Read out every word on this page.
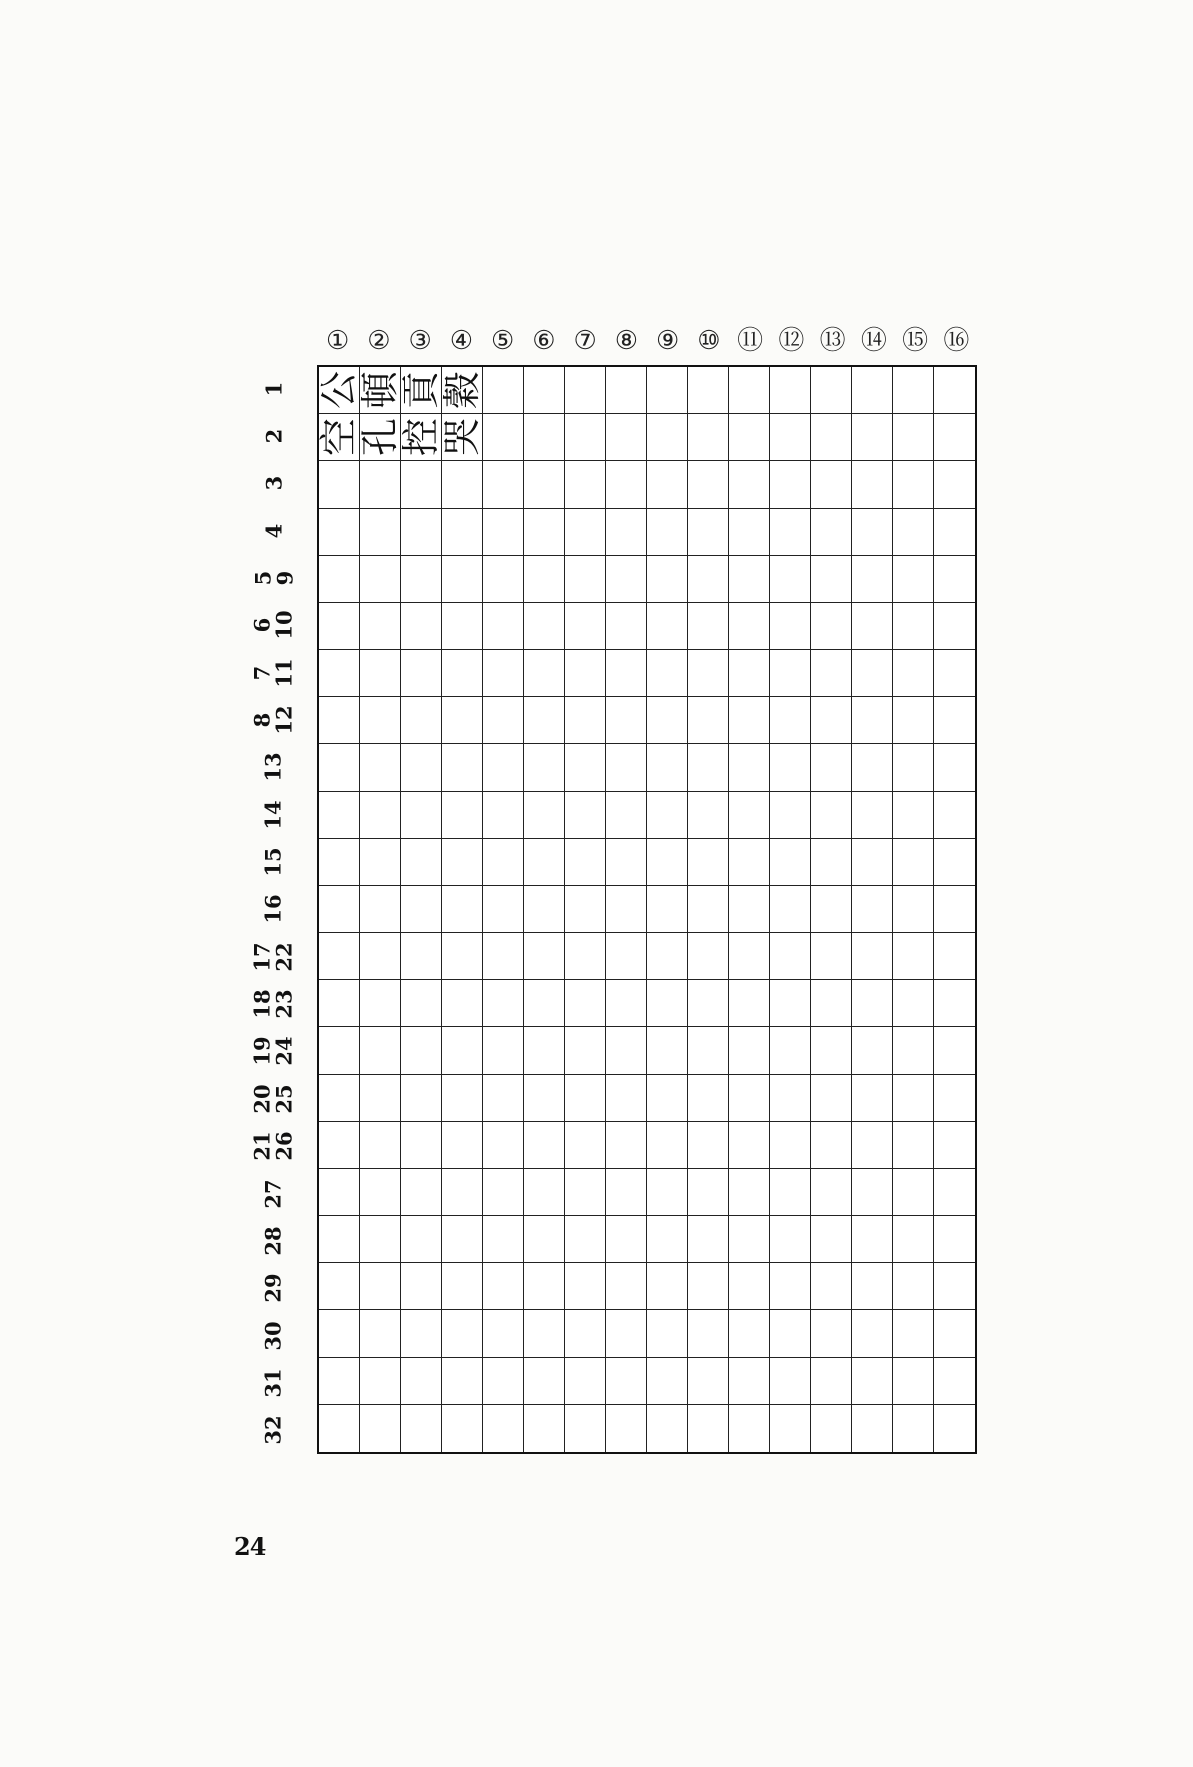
① ② ③ ④ ⑤ ⑥ ⑦ ⑧ ⑨ ⑩ ⑪ ⑫ ⑬ ⑭ ⑮ ⑯
1
2
3
4
5
9
6
10
7
11
8
12
13
14
15
16
17
22
18
23
19
24
20
25
21
26
27
28
29
30
31
32
公
頓
貢
穀
空
孔
控
哭
24
